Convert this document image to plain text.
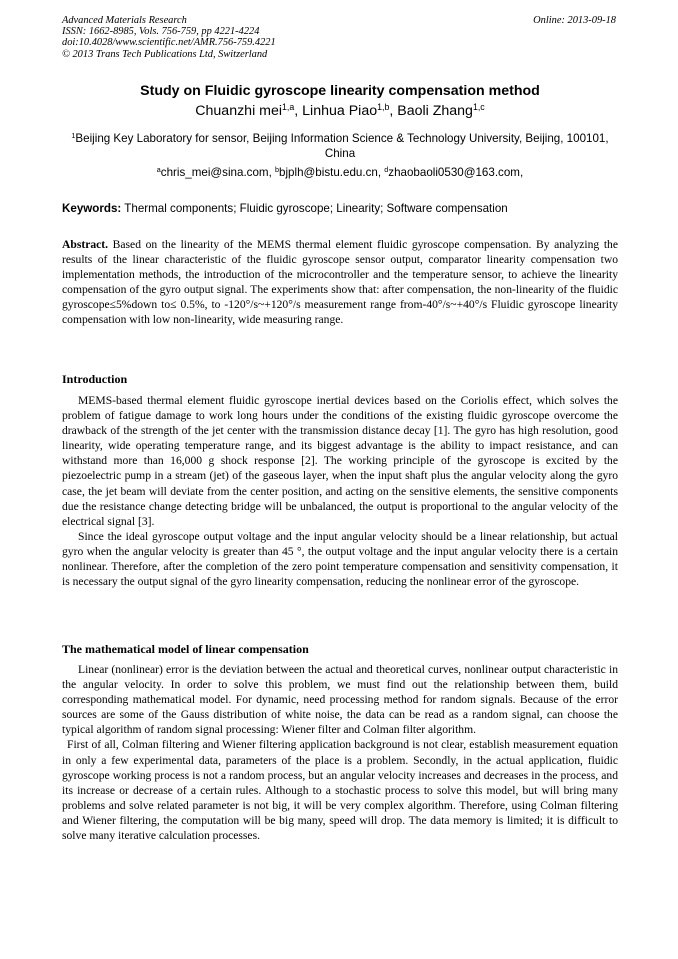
Advanced Materials Research
ISSN: 1662-8985, Vols. 756-759, pp 4221-4224
doi:10.4028/www.scientific.net/AMR.756-759.4221
© 2013 Trans Tech Publications Ltd, Switzerland
Online: 2013-09-18
Study on Fluidic gyroscope linearity compensation method
Chuanzhi mei$^{1,a}$, Linhua Piao$^{1,b}$, Baoli Zhang$^{1,c}$
$^1$Beijing Key Laboratory for sensor, Beijing Information Science & Technology University, Beijing, 100101, China
$^a$chris_mei@sina.com, $^b$bjplh@bistu.edu.cn, $^d$zhaobaoli0530@163.com,
Keywords: Thermal components; Fluidic gyroscope; Linearity; Software compensation
Abstract. Based on the linearity of the MEMS thermal element fluidic gyroscope compensation. By analyzing the results of the linear characteristic of the fluidic gyroscope sensor output, comparator linearity compensation two implementation methods, the introduction of the microcontroller and the temperature sensor, to achieve the linearity compensation of the gyro output signal. The experiments show that: after compensation, the non-linearity of the fluidic gyroscope≤5%down to≤ 0.5%, to -120°/s~+120°/s measurement range from-40°/s~+40°/s Fluidic gyroscope linearity compensation with low non-linearity, wide measuring range.
Introduction

MEMS-based thermal element fluidic gyroscope inertial devices based on the Coriolis effect, which solves the problem of fatigue damage to work long hours under the conditions of the existing fluidic gyroscope overcome the drawback of the strength of the jet center with the transmission distance decay [1]. The gyro has high resolution, good linearity, wide operating temperature range, and its biggest advantage is the ability to impact resistance, and can withstand more than 16,000 g shock response [2]. The working principle of the gyroscope is excited by the piezoelectric pump in a stream (jet) of the gaseous layer, when the input shaft plus the angular velocity along the gyro case, the jet beam will deviate from the center position, and acting on the sensitive elements, the sensitive components due the resistance change detecting bridge will be unbalanced, the output is proportional to the angular velocity of the electrical signal [3].

Since the ideal gyroscope output voltage and the input angular velocity should be a linear relationship, but actual gyro when the angular velocity is greater than 45 °, the output voltage and the input angular velocity there is a certain nonlinear. Therefore, after the completion of the zero point temperature compensation and sensitivity compensation, it is necessary the output signal of the gyro linearity compensation, reducing the nonlinear error of the gyroscope.

The mathematical model of linear compensation

Linear (nonlinear) error is the deviation between the actual and theoretical curves, nonlinear output characteristic in the angular velocity. In order to solve this problem, we must find out the relationship between them, build corresponding mathematical model. For dynamic, need processing method for random signals. Because of the error sources are some of the Gauss distribution of white noise, the data can be read as a random signal, can choose the typical algorithm of random signal processing: Wiener filter and Colman filter algorithm.

First of all, Colman filtering and Wiener filtering application background is not clear, establish measurement equation in only a few experimental data, parameters of the place is a problem. Secondly, in the actual application, fluidic gyroscope working process is not a random process, but an angular velocity increases and decreases in the process, and its increase or decrease of a certain rules. Although to a stochastic process to solve this model, but will bring many problems and solve related parameter is not big, it will be very complex algorithm. Therefore, using Colman filtering and Wiener filtering, the computation will be big many, speed will drop. The data memory is limited; it is difficult to solve many iterative calculation processes.
